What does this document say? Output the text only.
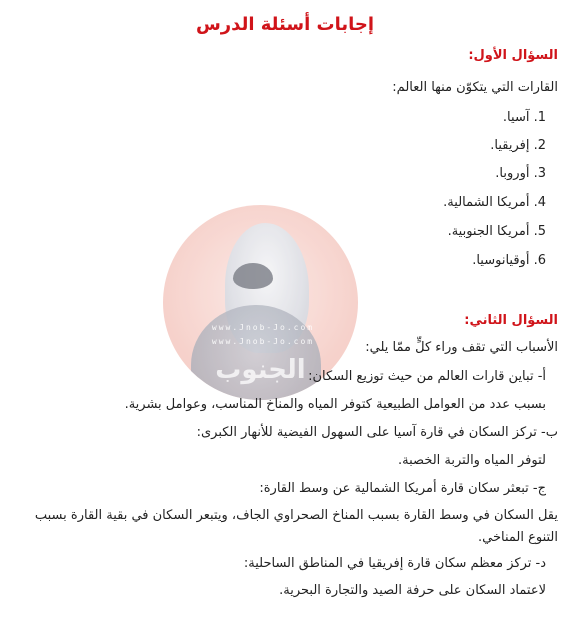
www.Jnob-Jo.com
www.Jnob-Jo.com
الجنوب
إجابات أسئلة الدرس
السؤال الأول:
القارات التي يتكوّن منها العالم:
1. آسيا.
2. إفريقيا.
3. أوروبا.
4. أمريكا الشمالية.
5. أمريكا الجنوبية.
6. أوقيانوسيا.
السؤال الثاني:
الأسباب التي تقف وراء كلٍّ ممّا يلي:
أ- تباين قارات العالم من حيث توزيع السكان:
بسبب عدد من العوامل الطبيعية كتوفر المياه والمناخ المناسب، وعوامل بشرية.
ب- تركز السكان في قارة آسيا على السهول الفيضية للأنهار الكبرى:
لتوفر المياه والتربة الخصبة.
ج- تبعثر سكان قارة أمريكا الشمالية عن وسط القارة:
يقل السكان في وسط القارة بسبب المناخ الصحراوي الجاف، ويتبعر السكان في بقية القارة بسبب التنوع المناخي.
د- تركز معظم سكان قارة إفريقيا في المناطق الساحلية:
لاعتماد السكان على حرفة الصيد والتجارة البحرية.
